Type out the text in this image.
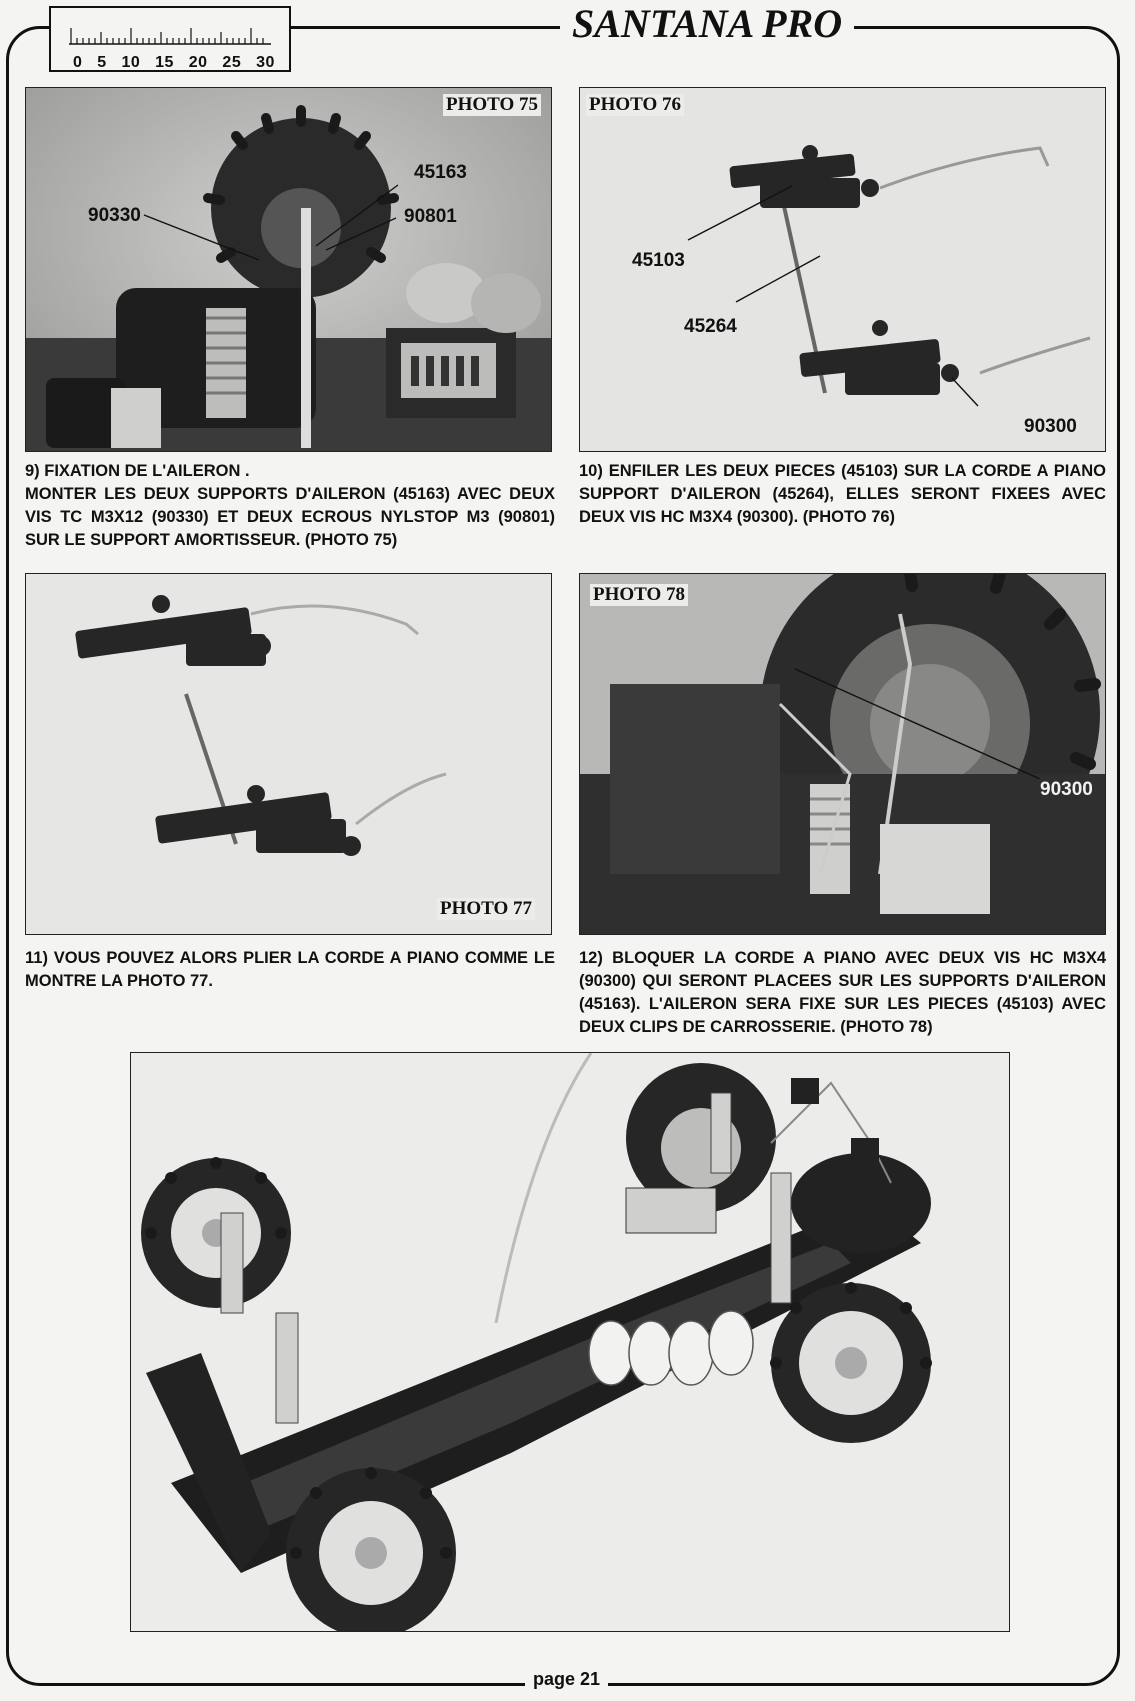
0 5 10 15 20 25 30
SANTANA PRO
PHOTO 75
90330
45163
90801
PHOTO 76
45103
45264
90300

9) FIXATION DE L'AILERON .

MONTER LES DEUX SUPPORTS D'AILERON (45163) AVEC DEUX VIS TC M3X12 (90330) ET DEUX ECROUS NYLSTOP M3 (90801) SUR LE SUPPORT AMORTISSEUR. (PHOTO 75)

10) ENFILER LES DEUX PIECES (45103) SUR LA CORDE A PIANO SUPPORT D'AILERON (45264), ELLES SERONT FIXEES AVEC DEUX VIS HC M3X4 (90300). (PHOTO 76)

PHOTO 77
PHOTO 78
90300

11) VOUS POUVEZ ALORS PLIER LA CORDE A PIANO COMME LE MONTRE LA PHOTO 77.

12) BLOQUER LA CORDE A PIANO AVEC DEUX VIS HC M3X4 (90300) QUI SERONT PLACEES SUR LES SUPPORTS D'AILERON (45163). L'AILERON SERA FIXE SUR LES PIECES (45103) AVEC DEUX CLIPS DE CARROSSERIE. (PHOTO 78)

page 21
